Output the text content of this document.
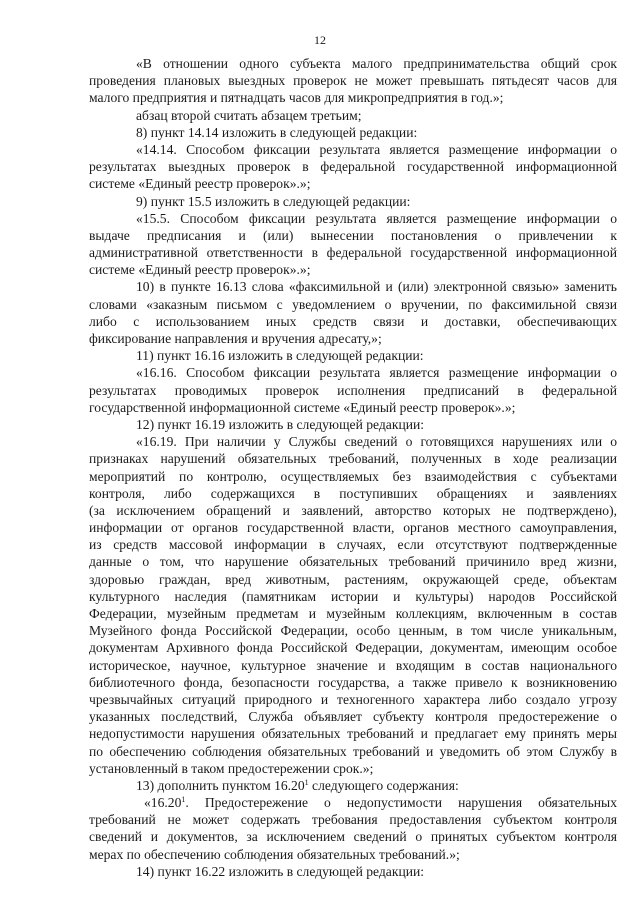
12
«В отношении одного субъекта малого предпринимательства общий срок
проведения плановых выездных проверок не может превышать пятьдесят часов для
малого предприятия и пятнадцать часов для микропредприятия в год.»;
абзац второй считать абзацем третьим;
8) пункт 14.14 изложить в следующей редакции:
«14.14. Способом фиксации результата является размещение информации о
результатах выездных проверок в федеральной государственной информационной
системе «Единый реестр проверок».»;
9) пункт 15.5 изложить в следующей редакции:
«15.5. Способом фиксации результата является размещение информации о
выдаче предписания и (или) вынесении постановления о привлечении к
административной ответственности в федеральной государственной информационной
системе «Единый реестр проверок».»;
10) в пункте 16.13 слова «факсимильной и (или) электронной связью» заменить
словами «заказным письмом с уведомлением о вручении, по факсимильной связи
либо с использованием иных средств связи и доставки, обеспечивающих
фиксирование направления и вручения адресату,»;
11) пункт 16.16 изложить в следующей редакции:
«16.16. Способом фиксации результата является размещение информации о
результатах проводимых проверок исполнения предписаний в федеральной
государственной информационной системе «Единый реестр проверок».»;
12) пункт 16.19 изложить в следующей редакции:
«16.19. При наличии у Службы сведений о готовящихся нарушениях или о
признаках нарушений обязательных требований, полученных в ходе реализации
мероприятий по контролю, осуществляемых без взаимодействия с субъектами
контроля, либо содержащихся в поступивших обращениях и заявлениях
(за исключением обращений и заявлений, авторство которых не подтверждено),
информации от органов государственной власти, органов местного самоуправления,
из средств массовой информации в случаях, если отсутствуют подтвержденные
данные о том, что нарушение обязательных требований причинило вред жизни,
здоровью граждан, вред животным, растениям, окружающей среде, объектам
культурного наследия (памятникам истории и культуры) народов Российской
Федерации, музейным предметам и музейным коллекциям, включенным в состав
Музейного фонда Российской Федерации, особо ценным, в том числе уникальным,
документам Архивного фонда Российской Федерации, документам, имеющим особое
историческое, научное, культурное значение и входящим в состав национального
библиотечного фонда, безопасности государства, а также привело к возникновению
чрезвычайных ситуаций природного и техногенного характера либо создало угрозу
указанных последствий, Служба объявляет субъекту контроля предостережение о
недопустимости нарушения обязательных требований и предлагает ему принять меры
по обеспечению соблюдения обязательных требований и уведомить об этом Службу в
установленный в таком предостережении срок.»;
13) дополнить пунктом 16.20$^1$ следующего содержания:
«16.20$^1$. Предостережение о недопустимости нарушения обязательных
требований не может содержать требования предоставления субъектом контроля
сведений и документов, за исключением сведений о принятых субъектом контроля
мерах по обеспечению соблюдения обязательных требований.»;
14) пункт 16.22 изложить в следующей редакции:
